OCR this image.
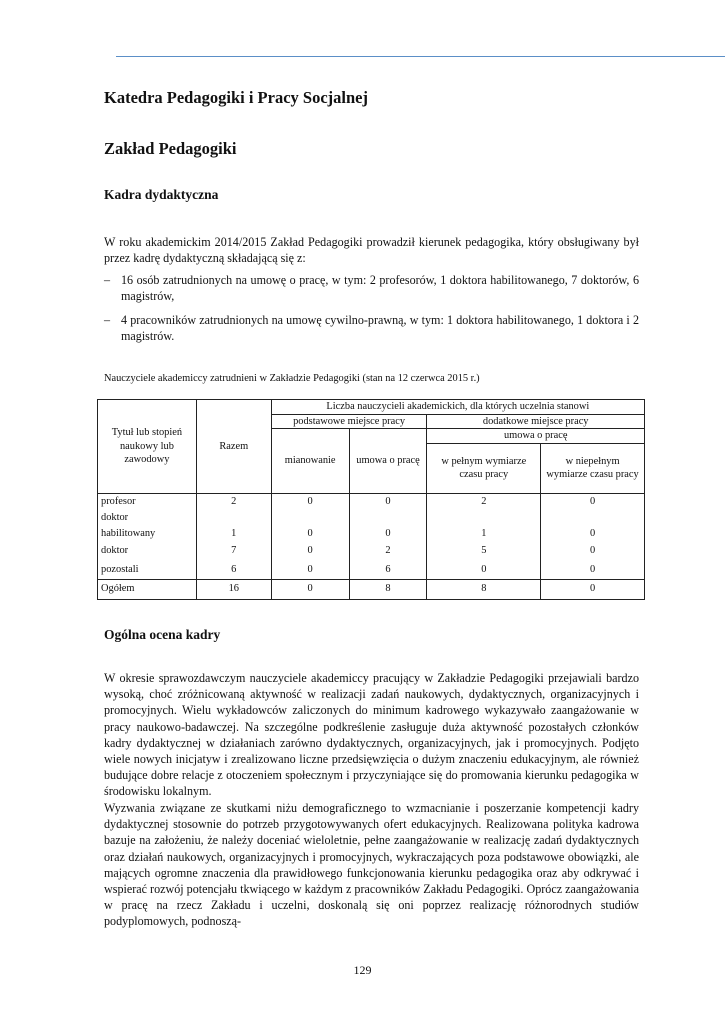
Katedra Pedagogiki i Pracy Socjalnej
Zakład Pedagogiki
Kadra dydaktyczna

W roku akademickim 2014/2015 Zakład Pedagogiki prowadził kierunek pedagogika, który obsługiwany był przez kadrę dydaktyczną składającą się z:

– 16 osób zatrudnionych na umowę o pracę, w tym: 2 profesorów, 1 doktora habilitowanego, 7 doktorów, 6 magistrów,
– 4 pracowników zatrudnionych na umowę cywilno-prawną, w tym: 1 doktora habilitowanego, 1 doktora i 2 magistrów.

Nauczyciele akademiccy zatrudnieni w Zakładzie Pedagogiki (stan na 12 czerwca 2015 r.)

Tytuł lub stopień naukowy lub zawodowy	Razem	Liczba nauczycieli akademickich, dla których uczelnia stanowi			
		podstawowe miejsce pracy		dodatkowe miejsce pracy	
		mianowanie	umowa o pracę	umowa o pracę	
				w pełnym wymiarze czasu pracy	w niepełnym wymiarze czasu pracy
profesor	2	0	0	2	0
doktor					
habilitowany	1	0	0	1	0
doktor	7	0	2	5	0
pozostali	6	0	6	0	0
Ogółem	16	0	8	8	0
Ogólna ocena kadry

W okresie sprawozdawczym nauczyciele akademiccy pracujący w Zakładzie Pedagogiki przejawiali bardzo wysoką, choć zróżnicowaną aktywność w realizacji zadań naukowych, dydaktycznych, organizacyjnych i promocyjnych. Wielu wykładowców zaliczonych do minimum kadrowego wykazywało zaangażowanie w pracy naukowo-badawczej. Na szczególne podkreślenie zasługuje duża aktywność pozostałych członków kadry dydaktycznej w działaniach zarówno dydaktycznych, organizacyjnych, jak i promocyjnych. Podjęto wiele nowych inicjatyw i zrealizowano liczne przedsięwzięcia o dużym znaczeniu edukacyjnym, ale również budujące dobre relacje z otoczeniem społecznym i przyczyniające się do promowania kierunku pedagogika w środowisku lokalnym.

Wyzwania związane ze skutkami niżu demograficznego to wzmacnianie i poszerzanie kompetencji kadry dydaktycznej stosownie do potrzeb przygotowywanych ofert edukacyjnych. Realizowana polityka kadrowa bazuje na założeniu, że należy doceniać wieloletnie, pełne zaangażowanie w realizację zadań dydaktycznych oraz działań naukowych, organizacyjnych i promocyjnych, wykraczających poza podstawowe obowiązki, ale mających ogromne znaczenia dla prawidłowego funkcjonowania kierunku pedagogika oraz aby odkrywać i wspierać rozwój potencjału tkwiącego w każdym z pracowników Zakładu Pedagogiki. Oprócz zaangażowania w pracę na rzecz Zakładu i uczelni, doskonalą się oni poprzez realizację różnorodnych studiów podyplomowych, podnoszą-

129
